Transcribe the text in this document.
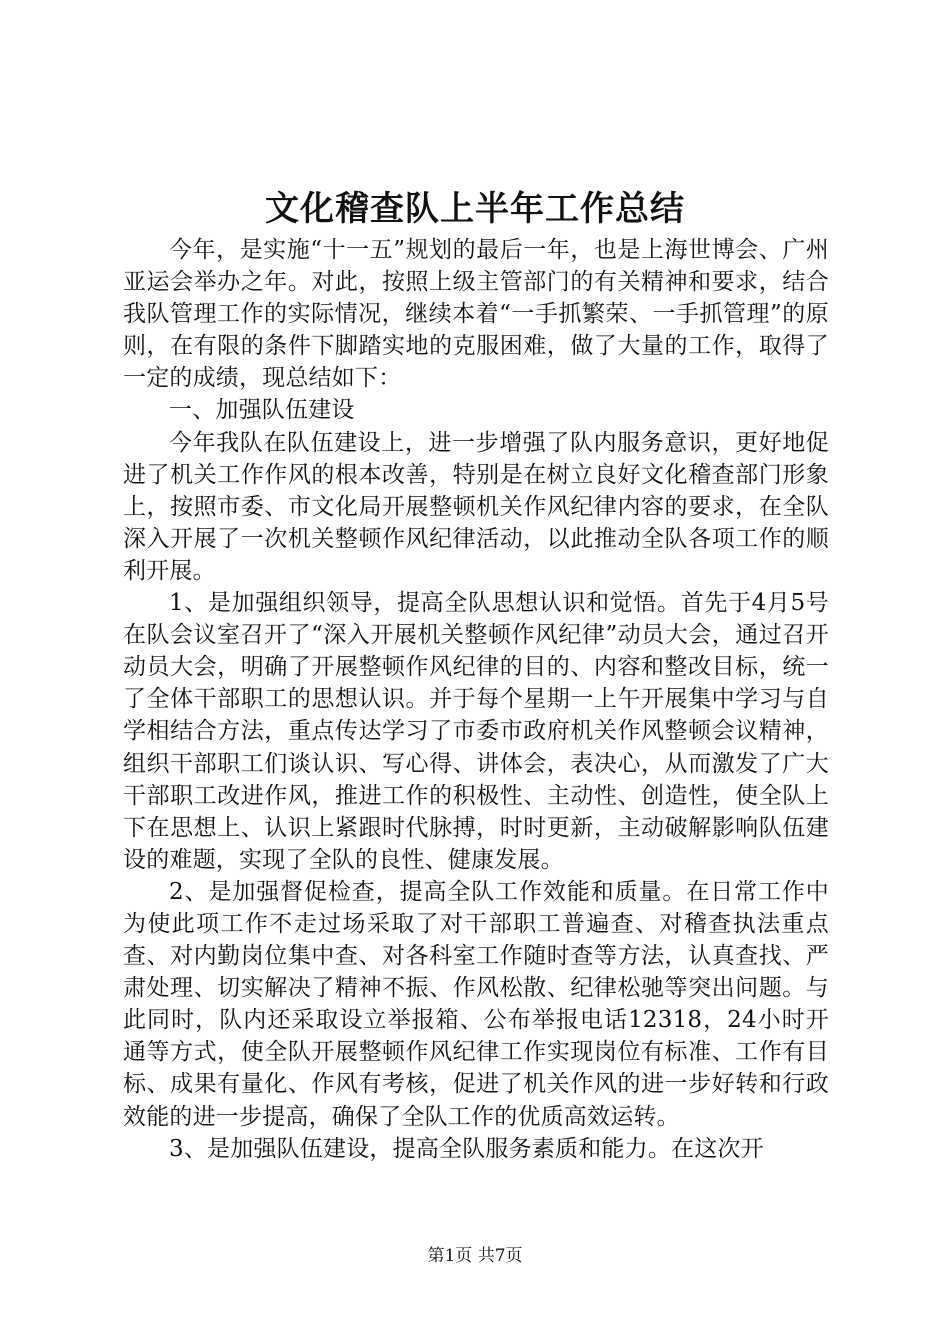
文化稽查队上半年工作总结

今年，是实施“十一五”规划的最后一年，也是上海世博会、广州亚运会举办之年。对此，按照上级主管部门的有关精神和要求，结合我队管理工作的实际情况，继续本着“一手抓繁荣、一手抓管理”的原则，在有限的条件下脚踏实地的克服困难，做了大量的工作，取得了一定的成绩，现总结如下：

一、加强队伍建设

今年我队在队伍建设上，进一步增强了队内服务意识，更好地促进了机关工作作风的根本改善，特别是在树立良好文化稽查部门形象上，按照市委、市文化局开展整顿机关作风纪律内容的要求，在全队深入开展了一次机关整顿作风纪律活动，以此推动全队各项工作的顺利开展。

1、是加强组织领导，提高全队思想认识和觉悟。首先于4月5号在队会议室召开了“深入开展机关整顿作风纪律”动员大会，通过召开动员大会，明确了开展整顿作风纪律的目的、内容和整改目标，统一了全体干部职工的思想认识。并于每个星期一上午开展集中学习与自学相结合方法，重点传达学习了市委市政府机关作风整顿会议精神，组织干部职工们谈认识、写心得、讲体会，表决心，从而激发了广大干部职工改进作风，推进工作的积极性、主动性、创造性，使全队上下在思想上、认识上紧跟时代脉搏，时时更新，主动破解影响队伍建设的难题，实现了全队的良性、健康发展。

2、是加强督促检查，提高全队工作效能和质量。在日常工作中为使此项工作不走过场采取了对干部职工普遍查、对稽查执法重点查、对内勤岗位集中查、对各科室工作随时查等方法，认真查找、严肃处理、切实解决了精神不振、作风松散、纪律松驰等突出问题。与此同时，队内还采取设立举报箱、公布举报电话12318，24小时开通等方式，使全队开展整顿作风纪律工作实现岗位有标准、工作有目标、成果有量化、作风有考核，促进了机关作风的进一步好转和行政效能的进一步提高，确保了全队工作的优质高效运转。

3、是加强队伍建设，提高全队服务素质和能力。在这次开

第1页 共7页
